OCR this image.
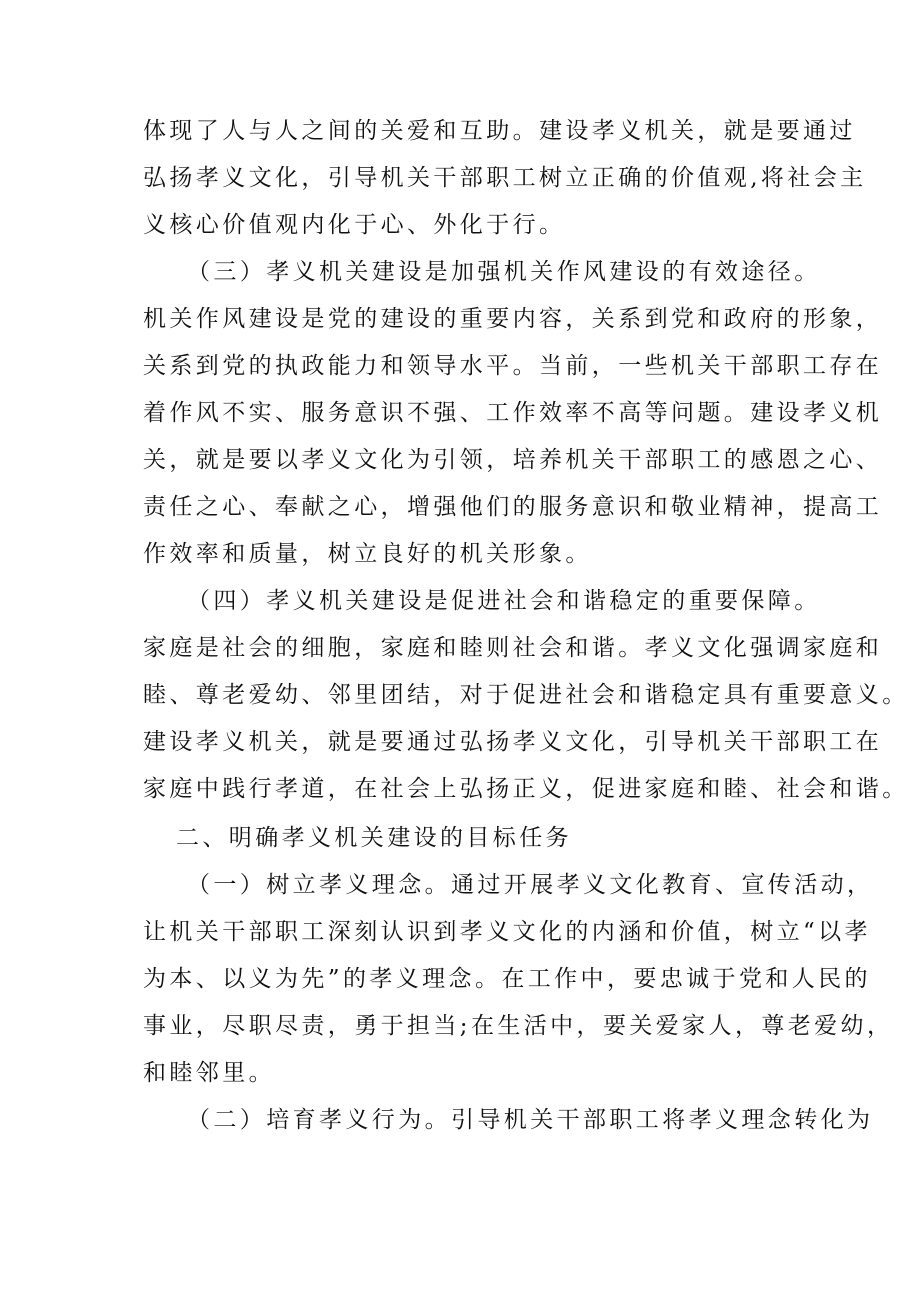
体现了人与人之间的关爱和互助。建设孝义机关，就是要通过
弘扬孝义文化，引导机关干部职工树立正确的价值观,将社会主
义核心价值观内化于心、外化于行。
（三）孝义机关建设是加强机关作风建设的有效途径。
机关作风建设是党的建设的重要内容，关系到党和政府的形象，
关系到党的执政能力和领导水平。当前，一些机关干部职工存在
着作风不实、服务意识不强、工作效率不高等问题。建设孝义机
关，就是要以孝义文化为引领，培养机关干部职工的感恩之心、
责任之心、奉献之心，增强他们的服务意识和敬业精神，提高工
作效率和质量，树立良好的机关形象。
（四）孝义机关建设是促进社会和谐稳定的重要保障。
家庭是社会的细胞，家庭和睦则社会和谐。孝义文化强调家庭和
睦、尊老爱幼、邻里团结，对于促进社会和谐稳定具有重要意义。
建设孝义机关，就是要通过弘扬孝义文化，引导机关干部职工在
家庭中践行孝道，在社会上弘扬正义，促进家庭和睦、社会和谐。
二、明确孝义机关建设的目标任务
（一）树立孝义理念。通过开展孝义文化教育、宣传活动，
让机关干部职工深刻认识到孝义文化的内涵和价值，树立“以孝
为本、以义为先”的孝义理念。在工作中，要忠诚于党和人民的
事业，尽职尽责，勇于担当;在生活中，要关爱家人，尊老爱幼，
和睦邻里。
（二）培育孝义行为。引导机关干部职工将孝义理念转化为
